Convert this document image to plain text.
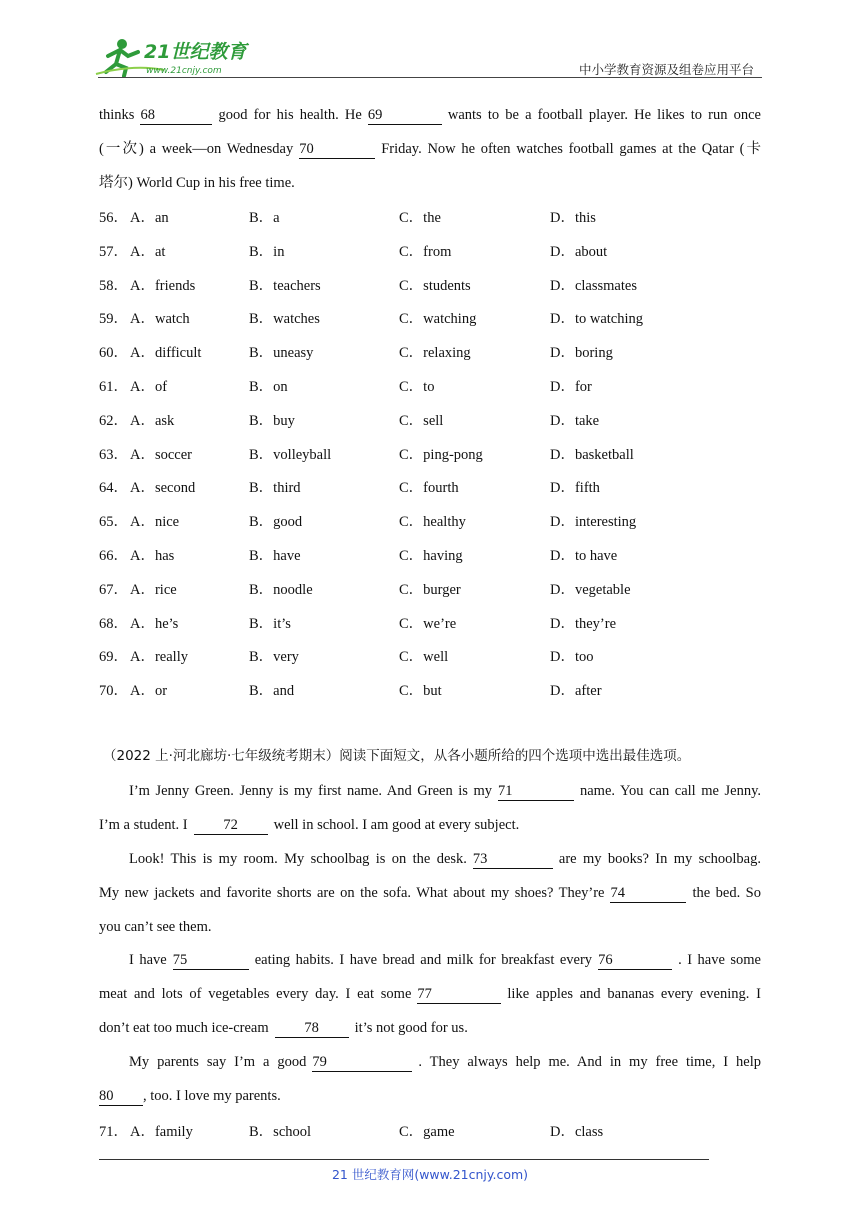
21世纪教育
www.21cnjy.com	中小学教育资源及组卷应用平台
thinks 68	good for his health. He 69	wants to be a football player. He likes to run once
(一次) a week—on Wednesday 70	Friday. Now he often watches football games at the Qatar (卡
塔尔) World Cup in his free time.
56． A．an	B．a	C．the	D．this
57． A．at	B．in	C．from	D．about
58． A．friends	B．teachers	C．students	D．classmates
59． A．watch	B．watches	C．watching	D．to watching
60． A．difficult	B．uneasy	C．relaxing	D．boring
61． A．of	B．on	C．to	D．for
62． A．ask	B．buy	C．sell	D．take
63． A．soccer	B．volleyball	C．ping-pong	D．basketball
64． A．second	B．third	C．fourth	D．fifth
65． A．nice	B．good	C．healthy	D．interesting
66． A．has	B．have	C．having	D．to have
67． A．rice	B．noodle	C．burger	D．vegetable
68． A．he’s	B．it’s	C．we’re	D．they’re
69． A．really	B．very	C．well	D．too
70． A．or	B．and	C．but	D．after
（2022 上·河北廊坊·七年级统考期末）阅读下面短文，从各小题所给的四个选项中选出最佳选项。
I’m Jenny Green. Jenny is my first name. And Green is my 71	name. You can call me Jenny.
I’m a student. I 72 well in school. I am good at every subject.
Look! This is my room. My schoolbag is on the desk. 73	are my books? In my schoolbag.
My new jackets and favorite shorts are on the sofa. What about my shoes? They’re 74	the bed. So
you can’t see them.
I have 75	eating habits. I have bread and milk for breakfast every 76	. I have some
meat and lots of vegetables every day. I eat some 77	like apples and bananas every evening. I
don’t eat too much ice-cream 78 it’s not good for us.
My parents say I’m a good 79	. They always help me. And in my free time, I help
80 , too. I love my parents.
71． A．family	B．school	C．game	D．class
21 世纪教育网(www.21cnjy.com)
